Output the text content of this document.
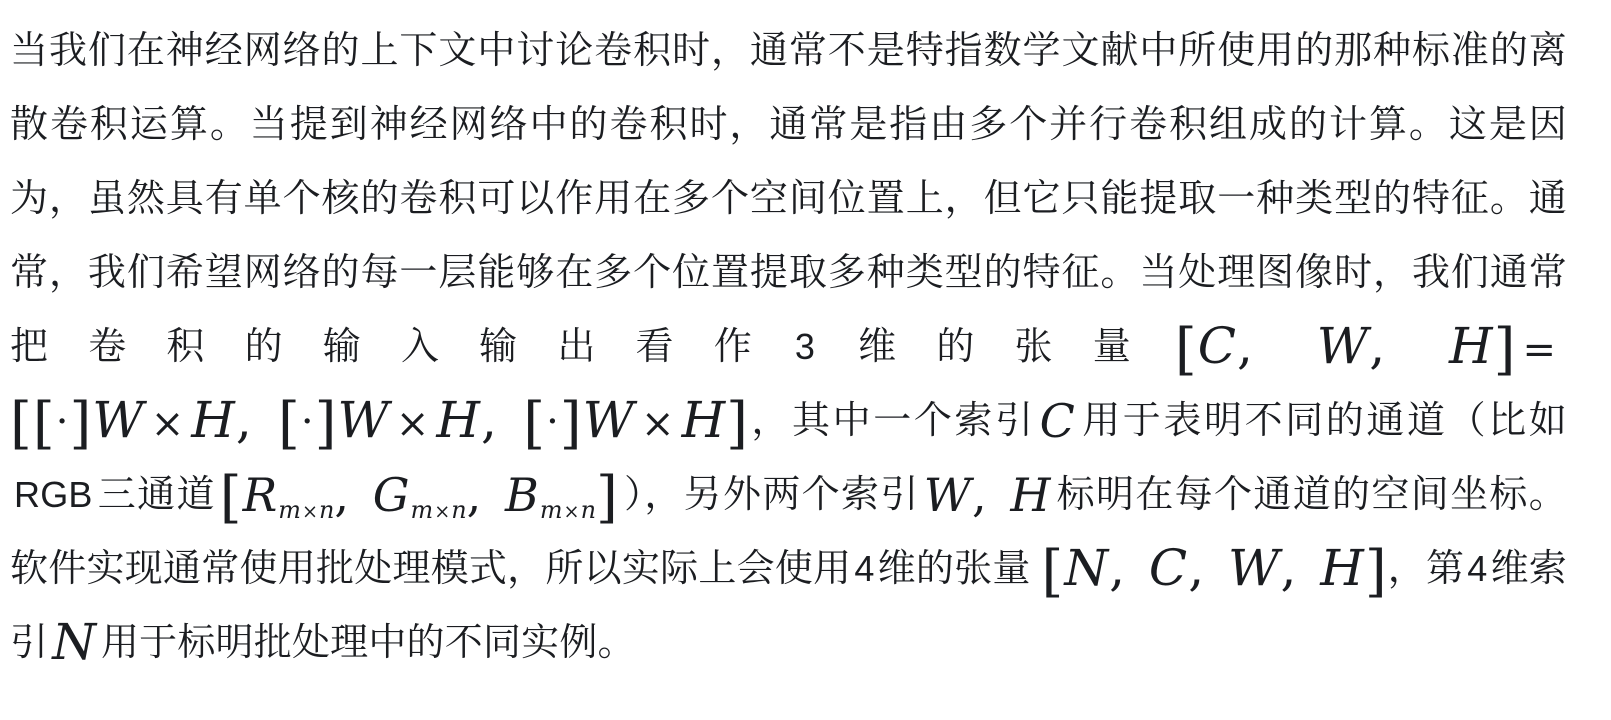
当我们在神经网络的上下文中讨论卷积时，通常不是特指数学文献中所使用的那种标准的离散卷积运算。当提到神经网络中的卷积时，通常是指由多个并行卷积组成的计算。这是因为，虽然具有单个核的卷积可以作用在多个空间位置上，但它只能提取一种类型的特征。通常，我们希望网络的每一层能够在多个位置提取多种类型的特征。当处理图像时，我们通常把卷积的输入输出看作3维的张量[C, W, H] = [[·]W × H, [·]W × H, [·]W × H]，其中一个索引C 用于表明不同的通道（比如RGB 三通道[$R_{m\times n}$, $G_{m\times n}$, $B_{m\times n}$] ），另外两个索引W, H 标明在每个通道的空间坐标。软件实现通常使用批处理模式，所以实际上会使用4维的张量 [N, C, W, H]，第4维索引N 用于标明批处理中的不同实例。
